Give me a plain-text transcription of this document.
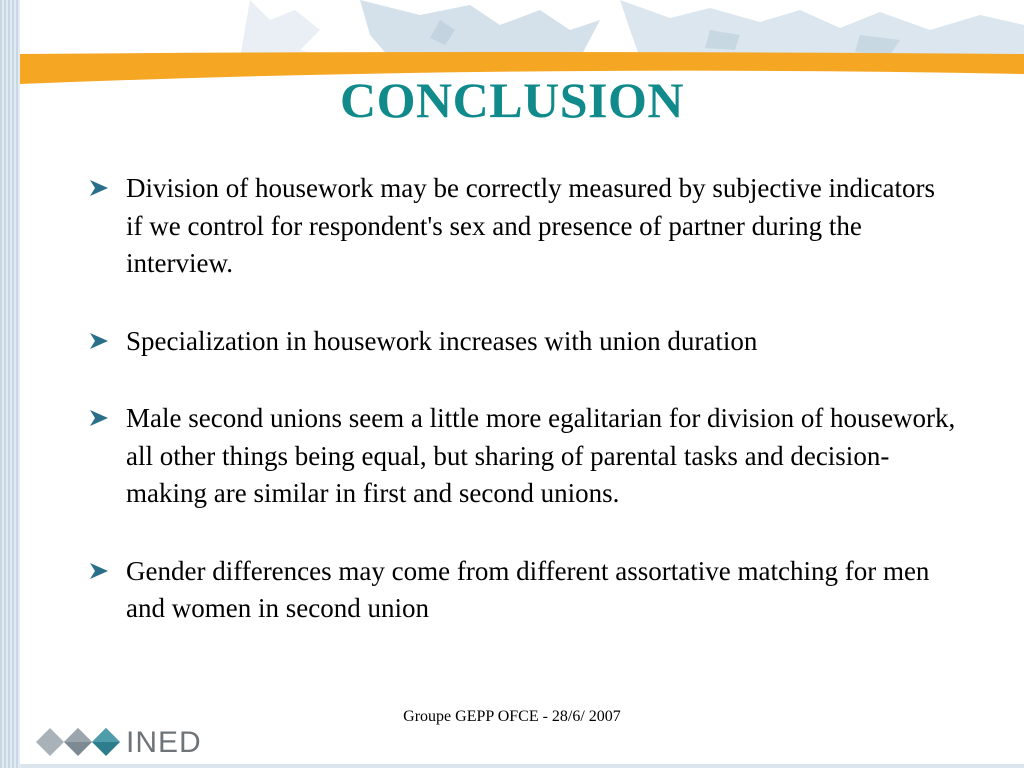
CONCLUSION
Division of housework may be correctly measured by subjective indicators if we control for respondent's sex and presence of partner during the interview.
Specialization in housework increases with union duration
Male second unions seem a little more egalitarian for division of housework, all other things being equal, but sharing of parental tasks and decision-making are similar in first and second unions.
Gender differences may come from different assortative matching for men and women in second union
Groupe GEPP OFCE - 28/6/ 2007
INED
